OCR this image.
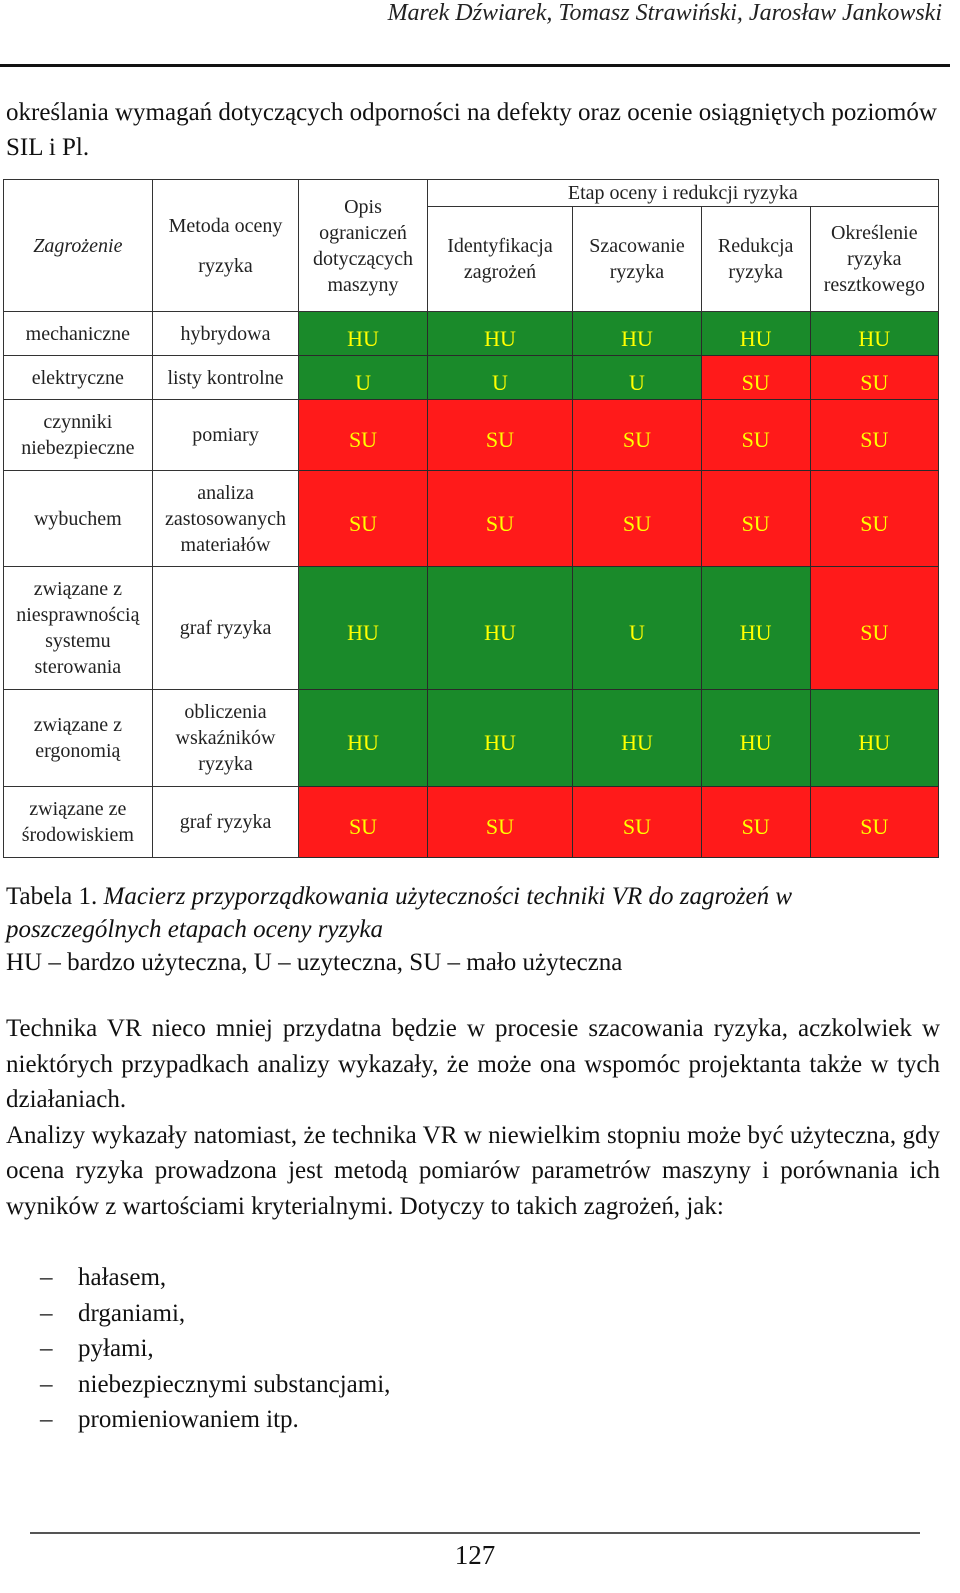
Marek Dźwiarek, Tomasz Strawiński, Jarosław Jankowski
określania wymagań dotyczących odporności na defekty oraz ocenie osiągniętych poziomów SIL i Pl.
Zagrożenie	Metoda oceny ryzyka	Opis ograniczeń dotyczących maszyny	Etap oceny i redukcji ryzyka			
			Identyfikacja zagrożeń	Szacowanie ryzyka	Redukcja ryzyka	Określenie ryzyka resztkowego
mechaniczne	hybrydowa	HU	HU	HU	HU	HU
elektryczne	listy kontrolne	U	U	U	SU	SU
czynniki niebezpieczne	pomiary	SU	SU	SU	SU	SU
wybuchem	analiza zastosowanych materiałów	SU	SU	SU	SU	SU
związane z niesprawnością systemu sterowania	graf ryzyka	HU	HU	U	HU	SU
związane z ergonomią	obliczenia wskaźników ryzyka	HU	HU	HU	HU	HU
związane ze środowiskiem	graf ryzyka	SU	SU	SU	SU	SU
Tabela 1. Macierz przyporządkowania użyteczności techniki VR do zagrożeń w poszczególnych etapach oceny ryzyka
HU – bardzo użyteczna, U – uzyteczna, SU – mało użyteczna

Technika VR nieco mniej przydatna będzie w procesie szacowania ryzyka, aczkolwiek w niektórych przypadkach analizy wykazały, że może ona wspomóc projektanta także w tych działaniach.

Analizy wykazały natomiast, że technika VR w niewielkim stopniu może być użyteczna, gdy ocena ryzyka prowadzona jest metodą pomiarów parametrów maszyny i porównania ich wyników z wartościami kryterialnymi. Dotyczy to takich zagrożeń, jak:

– hałasem,
– drganiami,
– pyłami,
– niebezpiecznymi substancjami,
– promieniowaniem itp.
127
